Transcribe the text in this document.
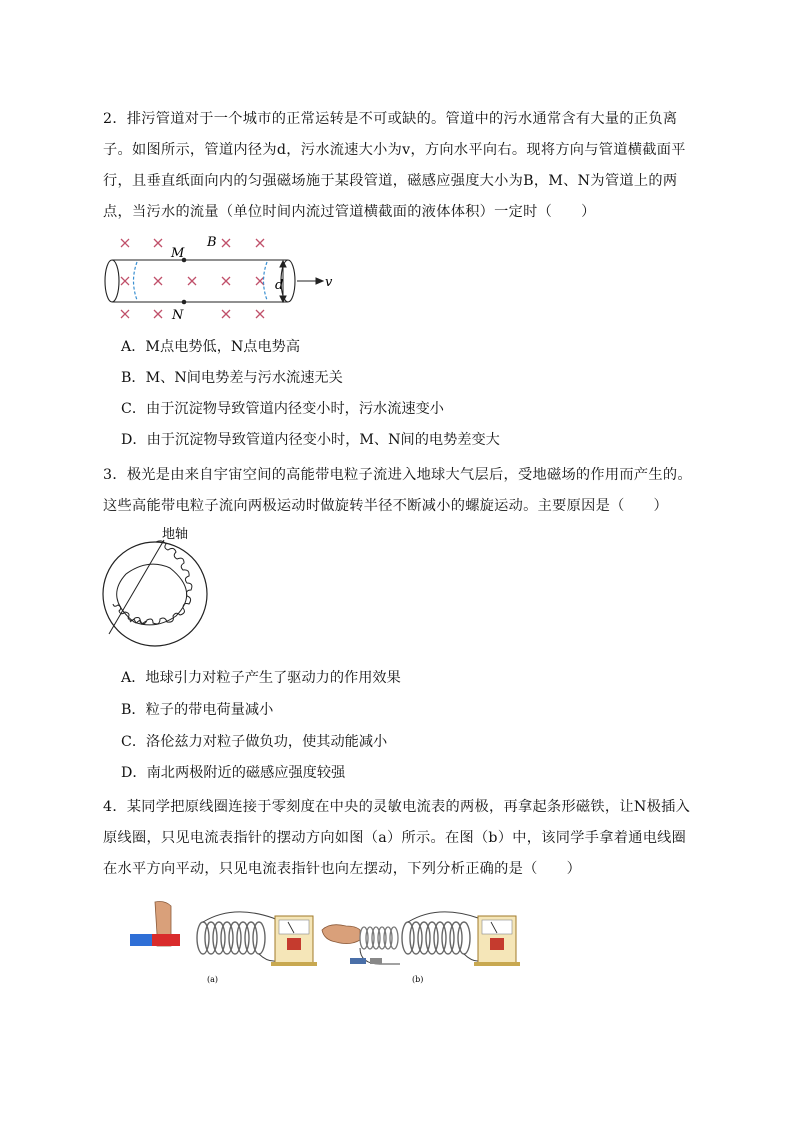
2．排污管道对于一个城市的正常运转是不可或缺的。管道中的污水通常含有大量的正负离子。如图所示，管道内径为d，污水流速大小为v，方向水平向右。现将方向与管道横截面平行，且垂直纸面向内的匀强磁场施于某段管道，磁感应强度大小为B，M、N为管道上的两点，当污水的流量（单位时间内流过管道横截面的液体体积）一定时（　　）
M
N
B
d	v
A．M点电势低，N点电势高
B．M、N间电势差与污水流速无关
C．由于沉淀物导致管道内径变小时，污水流速变小
D．由于沉淀物导致管道内径变小时，M、N间的电势差变大
3．极光是由来自宇宙空间的高能带电粒子流进入地球大气层后，受地磁场的作用而产生的。这些高能带电粒子流向两极运动时做旋转半径不断减小的螺旋运动。主要原因是（　　）
地轴
A．地球引力对粒子产生了驱动力的作用效果
B．粒子的带电荷量减小
C．洛伦兹力对粒子做负功，使其动能减小
D．南北两极附近的磁感应强度较强
4．某同学把原线圈连接于零刻度在中央的灵敏电流表的两极，再拿起条形磁铁，让N极插入原线圈，只见电流表指针的摆动方向如图（a）所示。在图（b）中，该同学手拿着通电线圈在水平方向平动，只见电流表指针也向左摆动，下列分析正确的是（　　）
(a)	(b)
